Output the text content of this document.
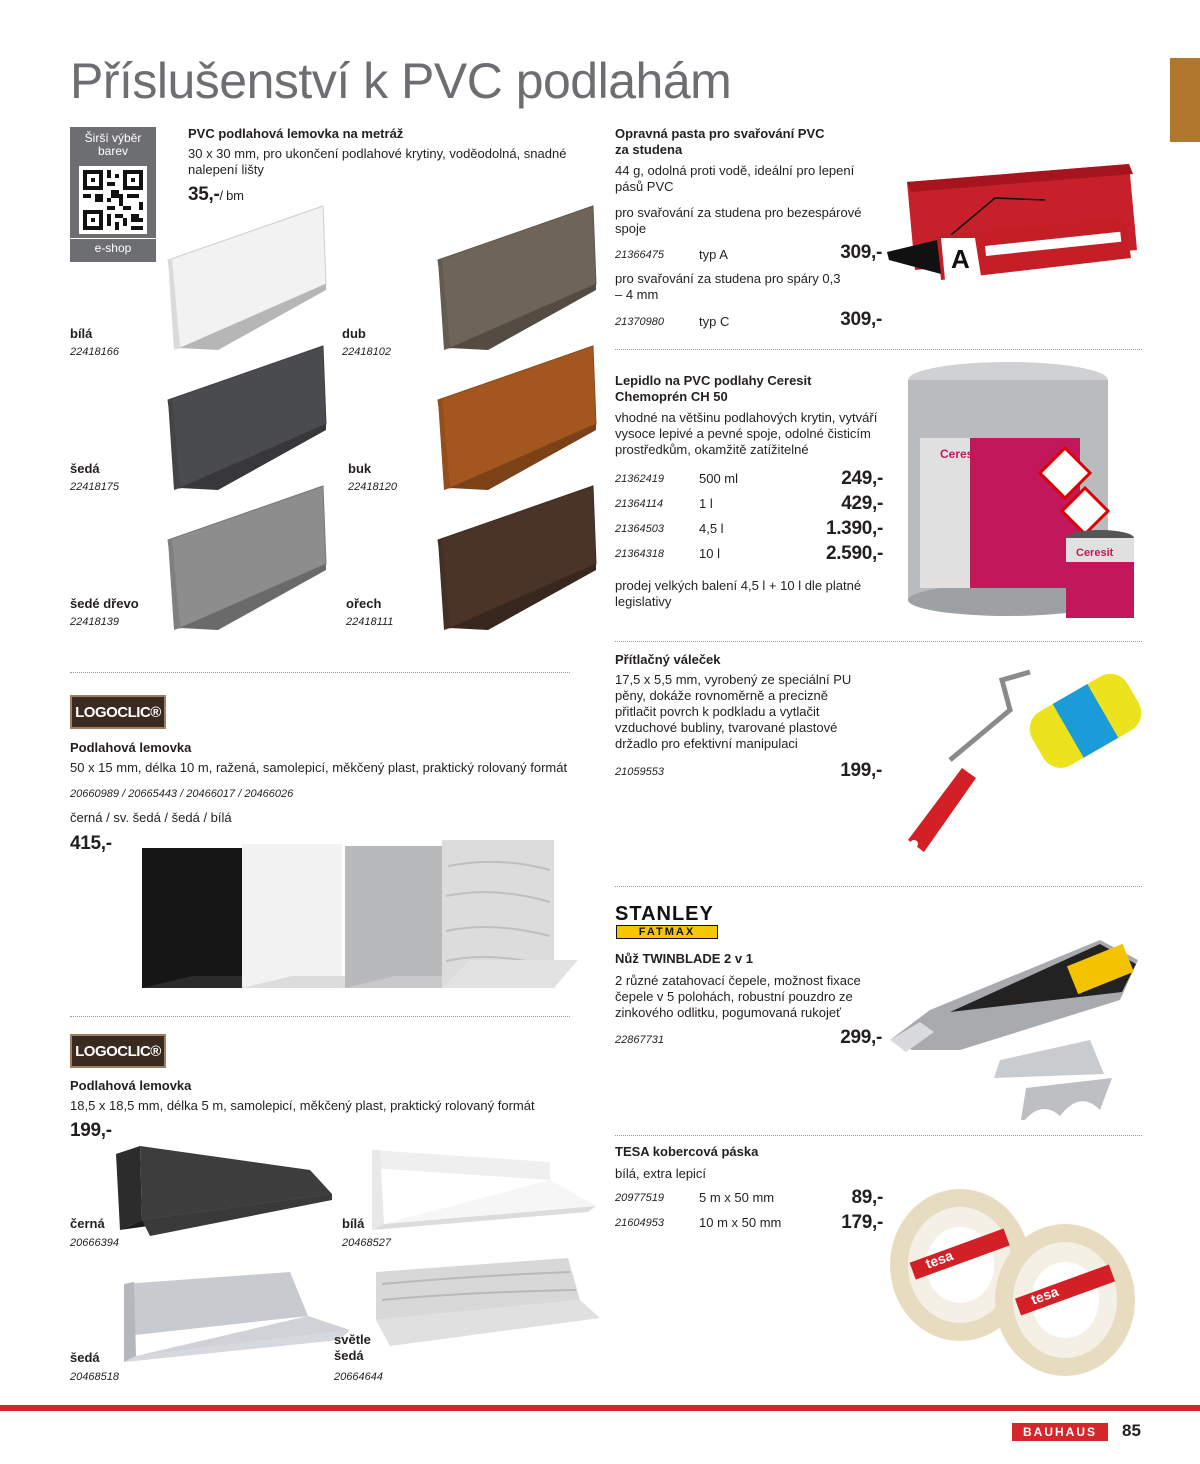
Příslušenství k PVC podlahám
Širší výběr barev
e-shop
PVC podlahová lemovka na metráž
30 x 30 mm, pro ukončení podlahové krytiny, voděodolná, snadné nalepení lišty
35,-/ bm
bílá
22418166
dub
22418102
šedá
22418175
buk
22418120
šedé dřevo
22418139
ořech
22418111
LOGOCLIC®
Podlahová lemovka
50 x 15 mm, délka 10 m, ražená, samolepicí, měkčený plast, praktický rolovaný formát
20660989 / 20665443 / 20466017 / 20466026
černá / sv. šedá / šedá / bílá
415,-
LOGOCLIC®
Podlahová lemovka
18,5 x 18,5 mm, délka 5 m, samolepicí, měkčený plast, praktický rolovaný formát
199,-
černá
20666394
bílá
20468527
šedá
20468518
světle šedá
20664644
Opravná pasta pro svařování PVC za studena
44 g, odolná proti vodě, ideální pro lepení pásů PVC
pro svařování za studena pro bezespárové spoje
21366475	typ A	309,-
pro svařování za studena pro spáry 0,3 – 4 mm
21370980	typ C	309,-
A
Lepidlo na PVC podlahy Ceresit Chemoprén CH 50
vhodné na většinu podlahových krytin, vytváří vysoce lepivé a pevné spoje, odolné čisticím prostředkům, okamžitě zatížitelné
21362419	500 ml	249,-
21364114	1 l	429,-
21364503	4,5 l	1.390,-
21364318	10 l	2.590,-
prodej velkých balení 4,5 l + 10 l dle platné legislativy
Ceresit
Ceresit
Přítlačný váleček
17,5 x 5,5 mm, vyrobený ze speciální PU pěny, dokáže rovnoměrně a precizně přitlačit povrch k podkladu a vytlačit vzduchové bubliny, tvarované plastové držadlo pro efektivní manipulaci
21059553	199,-
STANLEY
FATMAX
Nůž TWINBLADE 2 v 1
2 různé zatahovací čepele, možnost fixace čepele v 5 polohách, robustní pouzdro ze zinkového odlitku, pogumovaná rukojeť
22867731	299,-
TESA kobercová páska
bílá, extra lepicí
20977519	5 m x 50 mm	89,-
21604953	10 m x 50 mm	179,-
tesa
tesa
BAUHAUS	85
